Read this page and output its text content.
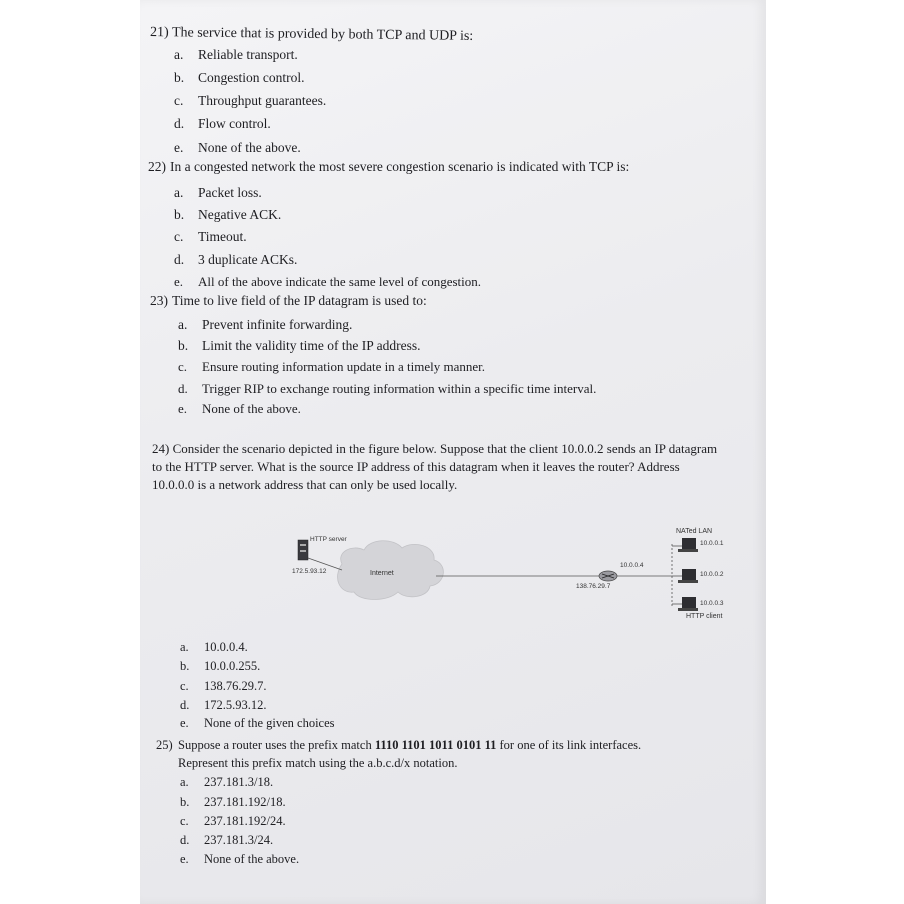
21) The service that is provided by both TCP and UDP is:
a. Reliable transport.
b. Congestion control.
c. Throughput guarantees.
d. Flow control.
e. None of the above.
22) In a congested network the most severe congestion scenario is indicated with TCP is:
a. Packet loss.
b. Negative ACK.
c. Timeout.
d. 3 duplicate ACKs.
e. All of the above indicate the same level of congestion.
23) Time to live field of the IP datagram is used to:
a. Prevent infinite forwarding.
b. Limit the validity time of the IP address.
c. Ensure routing information update in a timely manner.
d. Trigger RIP to exchange routing information within a specific time interval.
e. None of the above.
24) Consider the scenario depicted in the figure below. Suppose that the client 10.0.0.2 sends an IP datagram to the HTTP server. What is the source IP address of this datagram when it leaves the router? Address 10.0.0.0 is a network address that can only be used locally.
HTTP server
172.5.93.12	Internet
138.76.29.7
10.0.0.4
NATed LAN
10.0.0.1
10.0.0.2
10.0.0.3
HTTP client
a. 10.0.0.4.
b. 10.0.0.255.
c. 138.76.29.7.
d. 172.5.93.12.
e. None of the given choices
25) Suppose a router uses the prefix match 1110 1101 1011 0101 11 for one of its link interfaces.
Represent this prefix match using the a.b.c.d/x notation.
a. 237.181.3/18.
b. 237.181.192/18.
c. 237.181.192/24.
d. 237.181.3/24.
e. None of the above.
